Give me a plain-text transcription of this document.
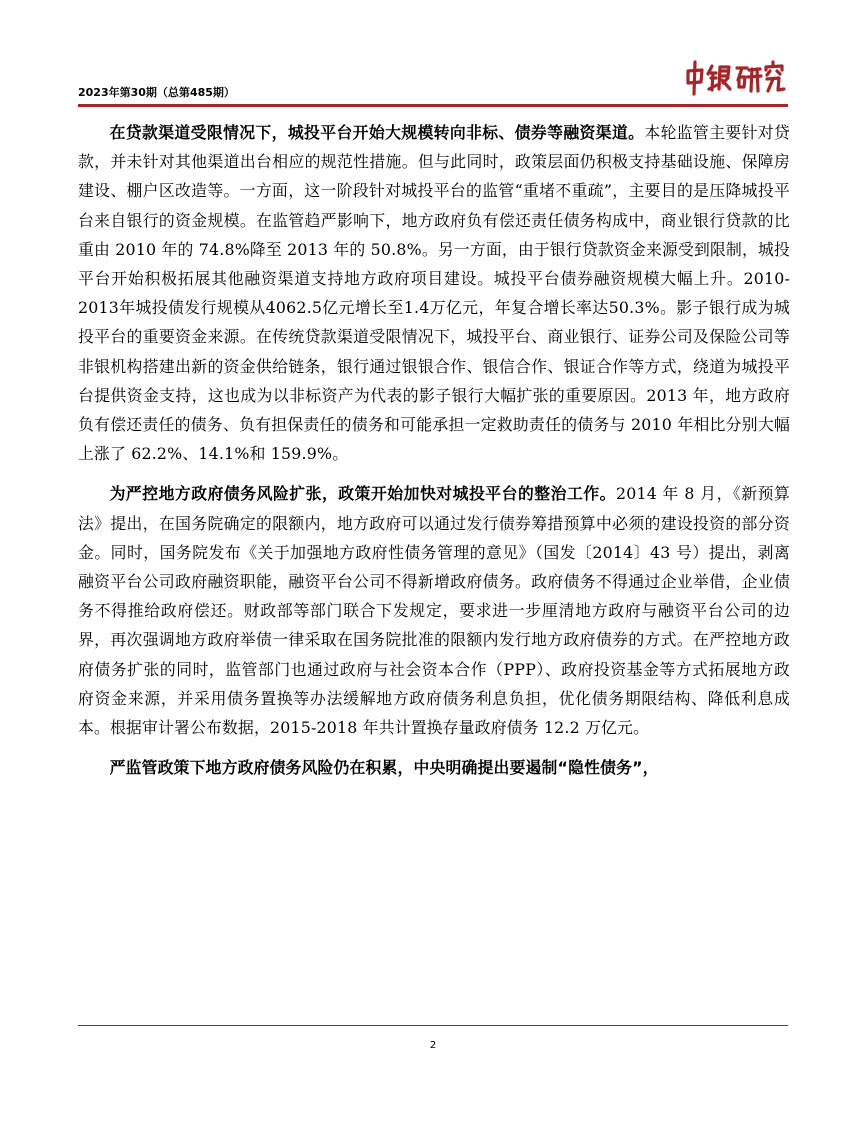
2023年第30期（总第485期）

在贷款渠道受限情况下，城投平台开始大规模转向非标、债券等融资渠道。本轮监管主要针对贷款，并未针对其他渠道出台相应的规范性措施。但与此同时，政策层面仍积极支持基础设施、保障房建设、棚户区改造等。一方面，这一阶段针对城投平台的监管“重堵不重疏”，主要目的是压降城投平台来自银行的资金规模。在监管趋严影响下，地方政府负有偿还责任债务构成中，商业银行贷款的比重由 2010 年的 74.8%降至 2013 年的 50.8%。另一方面，由于银行贷款资金来源受到限制，城投平台开始积极拓展其他融资渠道支持地方政府项目建设。城投平台债券融资规模大幅上升。2010-2013年城投债发行规模从4062.5亿元增长至1.4万亿元，年复合增长率达50.3%。影子银行成为城投平台的重要资金来源。在传统贷款渠道受限情况下，城投平台、商业银行、证券公司及保险公司等非银机构搭建出新的资金供给链条，银行通过银银合作、银信合作、银证合作等方式，绕道为城投平台提供资金支持，这也成为以非标资产为代表的影子银行大幅扩张的重要原因。2013 年，地方政府负有偿还责任的债务、负有担保责任的债务和可能承担一定救助责任的债务与 2010 年相比分别大幅上涨了 62.2%、14.1%和 159.9%。

为严控地方政府债务风险扩张，政策开始加快对城投平台的整治工作。2014 年 8 月，《新预算法》提出，在国务院确定的限额内，地方政府可以通过发行债券筹措预算中必须的建设投资的部分资金。同时，国务院发布《关于加强地方政府性债务管理的意见》（国发〔2014〕43 号）提出，剥离融资平台公司政府融资职能，融资平台公司不得新增政府债务。政府债务不得通过企业举借，企业债务不得推给政府偿还。财政部等部门联合下发规定，要求进一步厘清地方政府与融资平台公司的边界，再次强调地方政府举债一律采取在国务院批准的限额内发行地方政府债券的方式。在严控地方政府债务扩张的同时，监管部门也通过政府与社会资本合作（PPP）、政府投资基金等方式拓展地方政府资金来源，并采用债务置换等办法缓解地方政府债务利息负担，优化债务期限结构、降低利息成本。根据审计署公布数据，2015-2018 年共计置换存量政府债务 12.2 万亿元。

严监管政策下地方政府债务风险仍在积累，中央明确提出要遏制“隐性债务”，

2
